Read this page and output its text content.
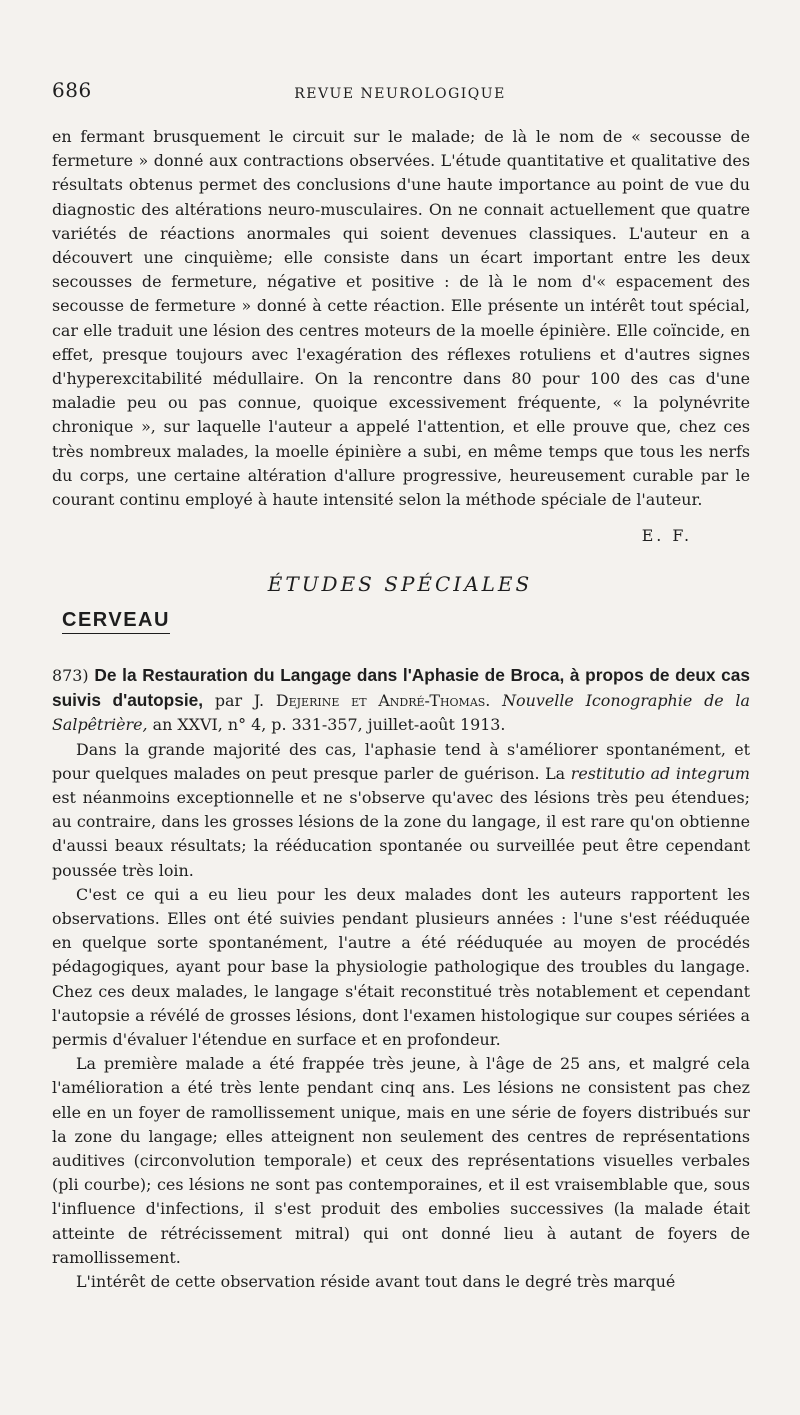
686	REVUE NEUROLOGIQUE

en fermant brusquement le circuit sur le malade; de là le nom de « secousse de fermeture » donné aux contractions observées. L'étude quantitative et qualitative des résultats obtenus permet des conclusions d'une haute importance au point de vue du diagnostic des altérations neuro-musculaires. On ne connait actuellement que quatre variétés de réactions anormales qui soient devenues classiques. L'auteur en a découvert une cinquième; elle consiste dans un écart important entre les deux secousses de fermeture, négative et positive : de là le nom d'« espacement des secousse de fermeture » donné à cette réaction. Elle présente un intérêt tout spécial, car elle traduit une lésion des centres moteurs de la moelle épinière. Elle coïncide, en effet, presque toujours avec l'exagération des réflexes rotuliens et d'autres signes d'hyperexcitabilité médullaire. On la rencontre dans 80 pour 100 des cas d'une maladie peu ou pas connue, quoique excessivement fréquente, « la polynévrite chronique », sur laquelle l'auteur a appelé l'attention, et elle prouve que, chez ces très nombreux malades, la moelle épinière a subi, en même temps que tous les nerfs du corps, une certaine altération d'allure progressive, heureusement curable par le courant continu employé à haute intensité selon la méthode spéciale de l'auteur.

E. F.
ÉTUDES SPÉCIALES
CERVEAU

873) De la Restauration du Langage dans l'Aphasie de Broca, à propos de deux cas suivis d'autopsie, par J. Dejerine et André-Thomas. Nouvelle Iconographie de la Salpêtrière, an XXVI, n° 4, p. 331-357, juillet-août 1913.

Dans la grande majorité des cas, l'aphasie tend à s'améliorer spontanément, et pour quelques malades on peut presque parler de guérison. La restitutio ad integrum est néanmoins exceptionnelle et ne s'observe qu'avec des lésions très peu étendues; au contraire, dans les grosses lésions de la zone du langage, il est rare qu'on obtienne d'aussi beaux résultats; la rééducation spontanée ou surveillée peut être cependant poussée très loin.

C'est ce qui a eu lieu pour les deux malades dont les auteurs rapportent les observations. Elles ont été suivies pendant plusieurs années : l'une s'est rééduquée en quelque sorte spontanément, l'autre a été rééduquée au moyen de procédés pédagogiques, ayant pour base la physiologie pathologique des troubles du langage. Chez ces deux malades, le langage s'était reconstitué très notablement et cependant l'autopsie a révélé de grosses lésions, dont l'examen histologique sur coupes sériées a permis d'évaluer l'étendue en surface et en profondeur.

La première malade a été frappée très jeune, à l'âge de 25 ans, et malgré cela l'amélioration a été très lente pendant cinq ans. Les lésions ne consistent pas chez elle en un foyer de ramollissement unique, mais en une série de foyers distribués sur la zone du langage; elles atteignent non seulement des centres de représentations auditives (circonvolution temporale) et ceux des représentations visuelles verbales (pli courbe); ces lésions ne sont pas contemporaines, et il est vraisemblable que, sous l'influence d'infections, il s'est produit des embolies successives (la malade était atteinte de rétrécissement mitral) qui ont donné lieu à autant de foyers de ramollissement.

L'intérêt de cette observation réside avant tout dans le degré très marqué
